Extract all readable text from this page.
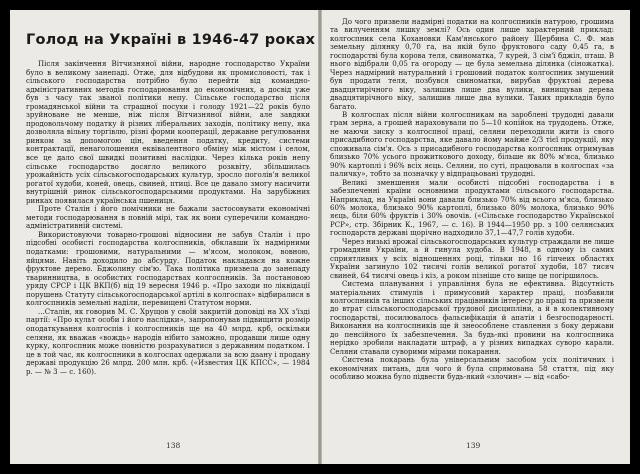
Голод на Україні в 1946-47 роках

Після закінчення Вітчизняної війни, народне господарство України було в великому занепаді. Отже, для відбудови як промисловості, так і сільського господарства потрібно було перейти від командно-адміністративних методів господарювання до економічних, а досвід уже був з часу так званої політики непу. Сільське господарство після громадянської війни та страшної посухи і голоду 1921—22 років було зруйноване не менше, ніж після Вітчизняної війни, але завдяки продовольчому податку й різних ліберальних заходів, політику непу, яка дозволяла вільну торгівлю, різні форми кооперації, державне регулювання ринком за допомогою цін, введення податку, кредиту, системи контрактації, ненаголошення еквівалентного обміну між містом і селом, все це дало свої швидкі позитивні наслідки. Через кілька років непу сільське господарство досягло великого розквіту, збільшилась урожайність усіх сільськогосподарських культур, зросло поголів'я великої рогатої худоби, коней, овець, свиней, птиці. Все це давало змогу насичити внутрішній ринок сільськогосподарськими продуктами. На зарубіжних ринках появилася українська пшениця.

Проте Сталін і його помічники не бажали застосовувати економічні методи господарювання в повній мірі, так як вони суперечили командно-адміністративній системі.

Використовуючи товарно-грошові відносини не забув Сталін і про підсобні особисті господарства колгоспників, обклавши їх надмірними податками: грошовими, натуральними — м'ясом, молоком, вовною, яйцями. Навіть доходило до абсурду. Податок накладався на кожне фруктове дерево. Бджолину сім'ю. Така політика призвела до занепаду тваринництва, в особистих господарствах колгоспників. За постановою уряду СРСР і ЦК ВКП(б) від 19 вересня 1946 р. «Про заходи по ліквідації порушень Статуту сільськогосподарської артілі в колгоспах» відбиралися в колгоспників земельні наділи, перевищені Статутом норми.

...Сталін, як говорив М. С. Хрущов у своїй закритій доповіді на XX з'їзді партії: «Про культ особи і його наслідки», запропонував підвищити розмір оподаткування колгоспів і колгоспників ще на 40 млрд. крб, оскільки селяни, як вважав «вождь» народів нібито заможно, продавши лише одну курку, колгоспник може повністю розрахуватися з державним податком. І це в той час, як колгоспники в колгоспах одержали за всю даану і продану державі продукцію 26 млрд. 200 млн. крб. («Известия ЦК КПСС», — 1984 р. — № 3 — с. 160).

138

До чого призвели надмірні податки на колгоспників натурою, грошима та вилученням лишку землі? Ось один лише характерний приклад: колгоспник села Кохановки Кам'янського району Щербина С. Ф. мав земельну ділянку 0,70 га, на якій було фруктового саду 0,45 га, в господарстві була корова теля, свиноматка, 7 курей, 3 сім'ї бджіл, пташ. В нього відібрали 0,05 га огороду — це була земельна ділянка (сіножатка). Через надмірний натуральний і грошовий податок колгоспник змушений був продати теля, позбувся свиноматки, вирубав фруктові дерева двадцятирічного віку, залишив лише два вулики, винищував дерева двадцятирічного віку, залишив лише два вулики. Таких прикладів було багато.

В колгоспах після війни колгоспникам на зароблені трудодні давали грам зерна, а грошей нараховували по 5—10 копійок на трудодень. Отже, не маючи зиску з колгоспної праці, селяни переходили жити із свого присадибного господарства, яке давало йому майже 2/3 тієї продукції, яку споживала сім'я. Ось з присадибного господарства колгоспник отримував близько 70% усього прожиткового доходу, більше як 80% м'яса, близько 90% картоплі і 96% всіх яєць. Селяни, по суті, працювали в колгоспах «за паличку», тобто за позначку у відпрацьовані трудодні.

Великі зменшення мали особисті підсобні господарства і в забезпеченні країни основними продуктами сільського господарства. Наприклад, на Україні вони давали близько 70% від всього м'яса, близько 60% молока, близько 90% картоплі, близько 80% молока, близько 90% яєць, біля 60% фруктів і 30% овочів. («Сільське господарство Української РСР», стр. Збірник К., 1967, — с. 16). В 1944—1950 рр. з 100 селянських господарств державі щорічно надходило 37,1—47,7 голів худоби.

Через низькі врожаї сільськогосподарських культур страждали не лише громадяни України, а й гинула худоба. В 1948, в одному із самих сприятливих у всіх відношеннях році, тільки по 16 гіпчеих областях України загинуло 102 тисячі голів великої рогатої худоби, 187 тисяч свиней, 64 тисячі овець і кіз, а роком пізніше сто вище це погіршилось.

Система планування і управління була не ефективна. Відсутність матеріальних стимулів і примусовий характер праці, позбавили колгоспників та інших сільських працівників інтересу до праці та призвели до втрат сільськогосподарської трудової дисципліни, а й в колективному господарстві, посилювалось фальсифікація й апатія і безгосподарності. Виконання на колгоспників ще й знеособлене ставлення з боку держави до пенсійного їх забезпечення. За будь-які провини на колгоспника нерідко зробили накладати штраф, а у різних випадках суворо карали. Селяни ставали суворими мірами покарання.

Система покарань була універсальним засобом усіх політичних і економічних питань, для чого й була спрямована 58 стаття, під яку особливо можна було підвести будь-який «злочин» — від «сабо-

139
